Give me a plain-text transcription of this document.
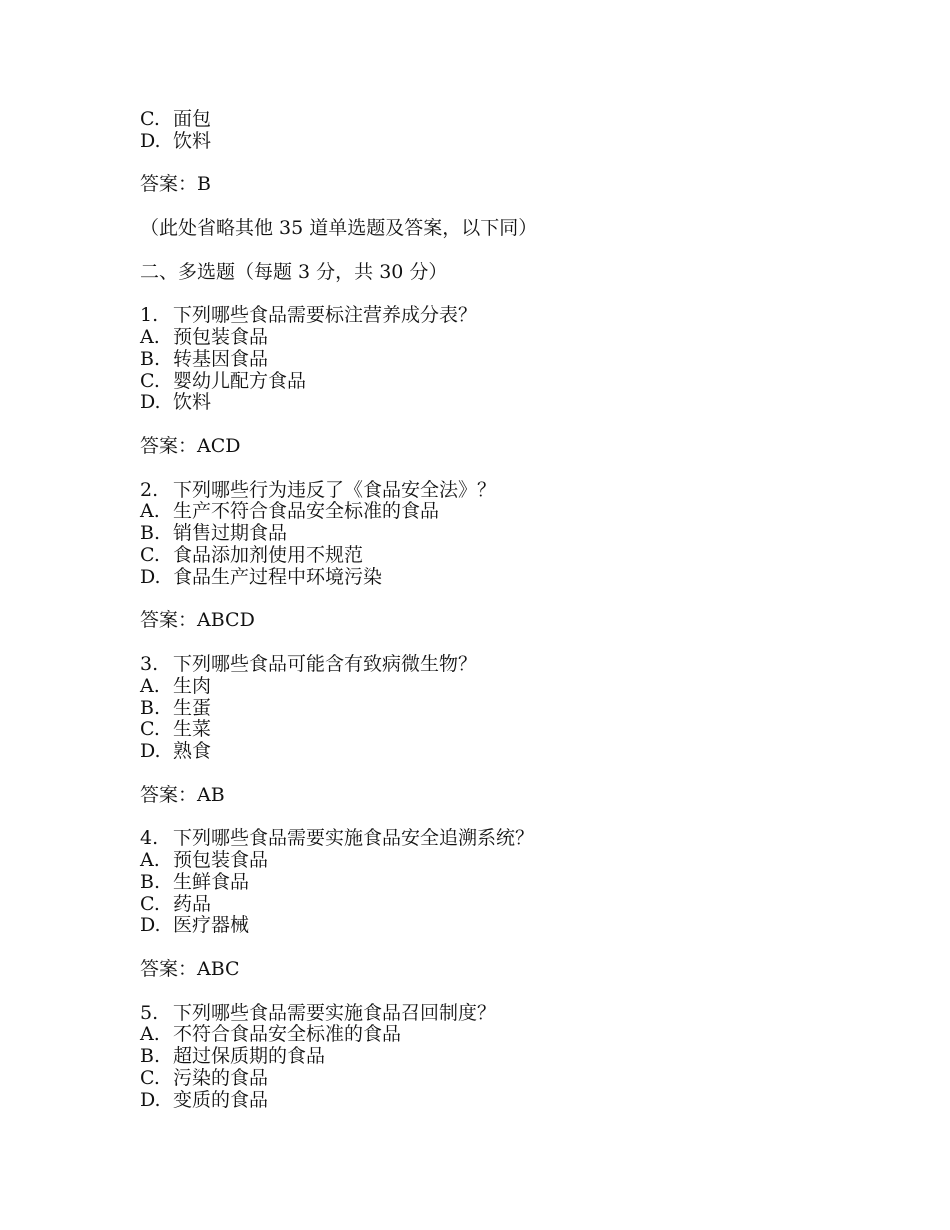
C. 面包
D. 饮料
答案：B
（此处省略其他 35 道单选题及答案，以下同）
二、多选题（每题 3 分，共 30 分）
1. 下列哪些食品需要标注营养成分表？
A. 预包装食品
B. 转基因食品
C. 婴幼儿配方食品
D. 饮料
答案：ACD
2. 下列哪些行为违反了《食品安全法》？
A. 生产不符合食品安全标准的食品
B. 销售过期食品
C. 食品添加剂使用不规范
D. 食品生产过程中环境污染
答案：ABCD
3. 下列哪些食品可能含有致病微生物？
A. 生肉
B. 生蛋
C. 生菜
D. 熟食
答案：AB
4. 下列哪些食品需要实施食品安全追溯系统？
A. 预包装食品
B. 生鲜食品
C. 药品
D. 医疗器械
答案：ABC
5. 下列哪些食品需要实施食品召回制度？
A. 不符合食品安全标准的食品
B. 超过保质期的食品
C. 污染的食品
D. 变质的食品
